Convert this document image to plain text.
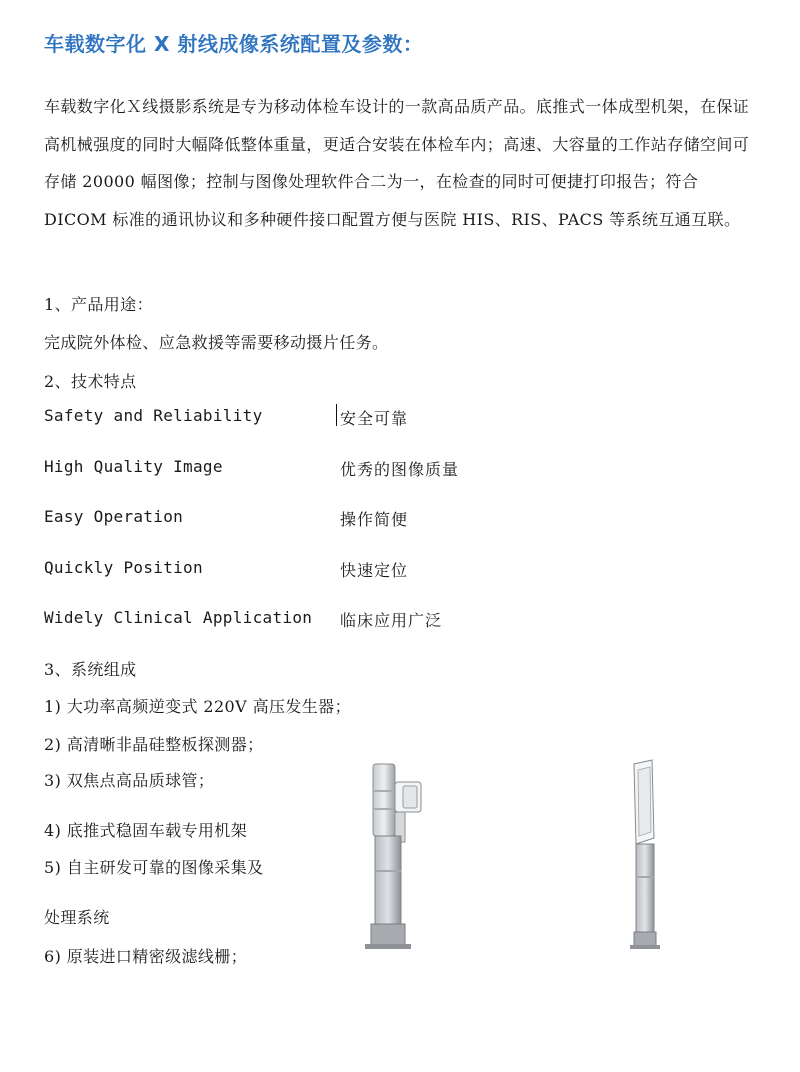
车载数字化 X 射线成像系统配置及参数：
车载数字化Ｘ线摄影系统是专为移动体检车设计的一款高品质产品。底推式一体成型机架，在保证高机械强度的同时大幅降低整体重量，更适合安装在体检车内；高速、大容量的工作站存储空间可存储 20000 幅图像；控制与图像处理软件合二为一，在检查的同时可便捷打印报告；符合 DICOM 标准的通讯协议和多种硬件接口配置方便与医院 HIS、RIS、PACS 等系统互通互联。
1、产品用途：
完成院外体检、应急救援等需要移动摄片任务。
2、技术特点
Safety and Reliability	安全可靠
High Quality Image	优秀的图像质量
Easy Operation	操作简便
Quickly Position	快速定位
Widely Clinical Application 临床应用广泛
3、系统组成
1) 大功率高频逆变式 220V 高压发生器；
2) 高清晰非晶硅整板探测器；
3) 双焦点高品质球管；
4) 底推式稳固车载专用机架
5) 自主研发可靠的图像采集及
处理系统
6) 原装进口精密级滤线栅；
